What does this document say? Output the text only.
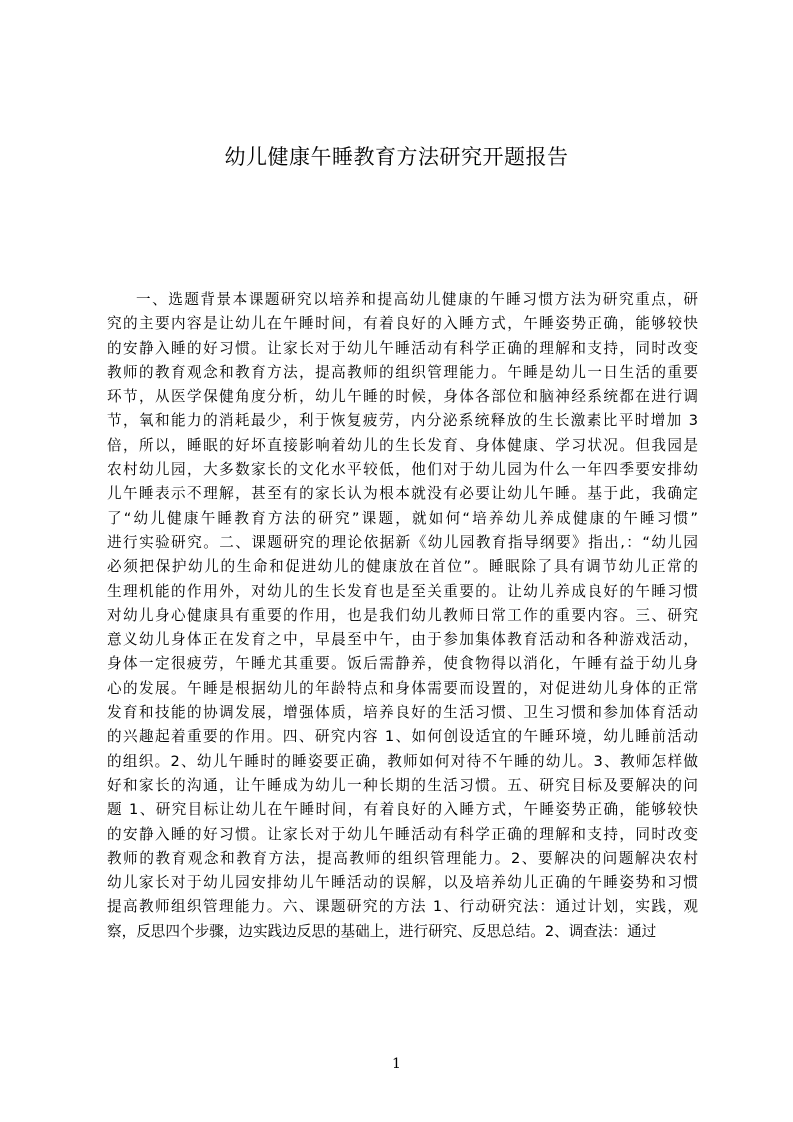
幼儿健康午睡教育方法研究开题报告
一、选题背景本课题研究以培养和提高幼儿健康的午睡习惯方法为研究重点，研
究的主要内容是让幼儿在午睡时间，有着良好的入睡方式，午睡姿势正确，能够较快
的安静入睡的好习惯。让家长对于幼儿午睡活动有科学正确的理解和支持，同时改变
教师的教育观念和教育方法，提高教师的组织管理能力。午睡是幼儿一日生活的重要
环节，从医学保健角度分析，幼儿午睡的时候，身体各部位和脑神经系统都在进行调
节，氧和能力的消耗最少，利于恢复疲劳，内分泌系统释放的生长激素比平时增加 3
倍，所以，睡眠的好坏直接影响着幼儿的生长发育、身体健康、学习状况。但我园是
农村幼儿园，大多数家长的文化水平较低，他们对于幼儿园为什么一年四季要安排幼
儿午睡表示不理解，甚至有的家长认为根本就没有必要让幼儿午睡。基于此，我确定
了“幼儿健康午睡教育方法的研究”课题，就如何“培养幼儿养成健康的午睡习惯”
进行实验研究。二、课题研究的理论依据新《幼儿园教育指导纲要》指出,：“幼儿园
必须把保护幼儿的生命和促进幼儿的健康放在首位”。睡眠除了具有调节幼儿正常的
生理机能的作用外，对幼儿的生长发育也是至关重要的。让幼儿养成良好的午睡习惯
对幼儿身心健康具有重要的作用，也是我们幼儿教师日常工作的重要内容。三、研究
意义幼儿身体正在发育之中，早晨至中午，由于参加集体教育活动和各种游戏活动，
身体一定很疲劳，午睡尤其重要。饭后需静养，使食物得以消化，午睡有益于幼儿身
心的发展。午睡是根据幼儿的年龄特点和身体需要而设置的，对促进幼儿身体的正常
发育和技能的协调发展，增强体质，培养良好的生活习惯、卫生习惯和参加体育活动
的兴趣起着重要的作用。四、研究内容 1、如何创设适宜的午睡环境，幼儿睡前活动
的组织。2、幼儿午睡时的睡姿要正确，教师如何对待不午睡的幼儿。3、教师怎样做
好和家长的沟通，让午睡成为幼儿一种长期的生活习惯。五、研究目标及要解决的问
题 1、研究目标让幼儿在午睡时间，有着良好的入睡方式，午睡姿势正确，能够较快
的安静入睡的好习惯。让家长对于幼儿午睡活动有科学正确的理解和支持，同时改变
教师的教育观念和教育方法，提高教师的组织管理能力。2、要解决的问题解决农村
幼儿家长对于幼儿园安排幼儿午睡活动的误解，以及培养幼儿正确的午睡姿势和习惯
提高教师组织管理能力。六、课题研究的方法 1、行动研究法：通过计划，实践，观
察，反思四个步骤，边实践边反思的基础上，进行研究、反思总结。2、调查法：通过
1
